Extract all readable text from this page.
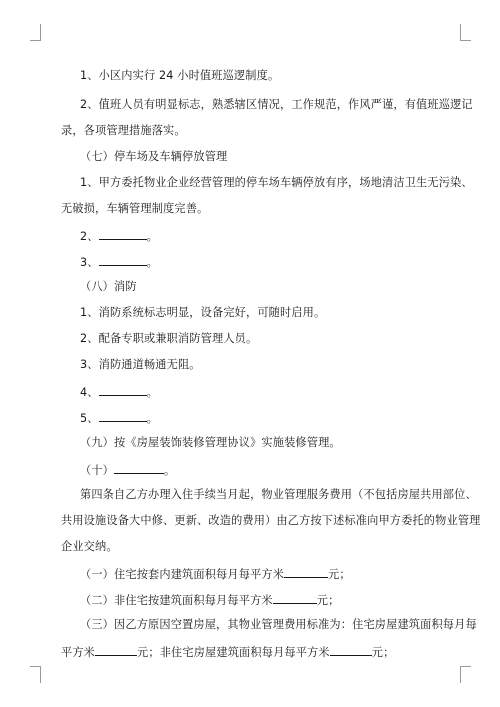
1、小区内实行 24 小时值班巡逻制度。
2、值班人员有明显标志，熟悉辖区情况，工作规范，作风严谨，有值班巡逻记
录，各项管理措施落实。
（七）停车场及车辆停放管理
1、甲方委托物业企业经营管理的停车场车辆停放有序，场地清洁卫生无污染、
无破损，车辆管理制度完善。
2、	。
3、	。
（八）消防
1、消防系统标志明显，设备完好，可随时启用。
2、配备专职或兼职消防管理人员。
3、消防通道畅通无阻。
4、	。
5、	。
（九）按《房屋装饰装修管理协议》实施装修管理。
（十）	。
第四条自乙方办理入住手续当月起，物业管理服务费用（不包括房屋共用部位、
共用设施设备大中修、更新、改造的费用）由乙方按下述标准向甲方委托的物业管理
企业交纳。
（一）住宅按套内建筑面积每月每平方米	元；
（二）非住宅按建筑面积每月每平方米	元；
（三）因乙方原因空置房屋，其物业管理费用标准为：住宅房屋建筑面积每月每
平方米	元；非住宅房屋建筑面积每月每平方米	元；
